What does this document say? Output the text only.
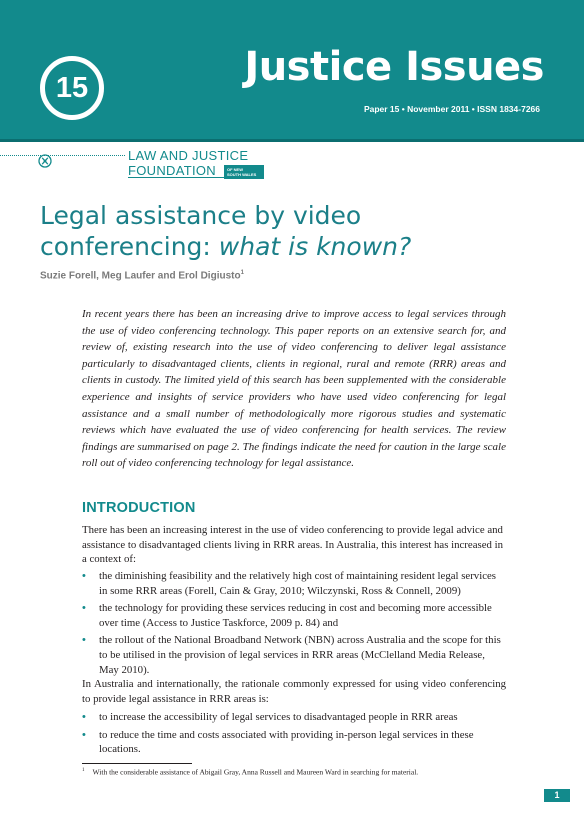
15	Justice Issues
Paper 15 • November 2011 • ISSN 1834-7266
LAW AND JUSTICE
FOUNDATION	OF NEW
SOUTH WALES
Legal assistance by video
conferencing: what is known?
Suzie Forell, Meg Laufer and Erol Digiusto$^1$

In recent years there has been an increasing drive to improve access to legal services through the use of video conferencing technology. This paper reports on an extensive search for, and review of, existing research into the use of video conferencing to deliver legal assistance particularly to disadvantaged clients, clients in regional, rural and remote (RRR) areas and clients in custody. The limited yield of this search has been supplemented with the considerable experience and insights of service providers who have used video conferencing for legal assistance and a small number of methodologically more rigorous studies and systematic reviews which have evaluated the use of video conferencing for health services. The review findings are summarised on page 2. The findings indicate the need for caution in the large scale roll out of video conferencing technology for legal assistance.

INTRODUCTION

There has been an increasing interest in the use of video conferencing to provide legal advice and assistance to disadvantaged clients living in RRR areas. In Australia, this interest has increased in a context of:

• the diminishing feasibility and the relatively high cost of maintaining resident legal services in some RRR areas (Forell, Cain & Gray, 2010; Wilczynski, Ross & Connell, 2009)
• the technology for providing these services reducing in cost and becoming more accessible over time (Access to Justice Taskforce, 2009 p. 84) and
• the rollout of the National Broadband Network (NBN) across Australia and the scope for this to be utilised in the provision of legal services in RRR areas (McClelland Media Release, May 2010).

In Australia and internationally, the rationale commonly expressed for using video conferencing to provide legal assistance in RRR areas is:

• to increase the accessibility of legal services to disadvantaged people in RRR areas
• to reduce the time and costs associated with providing in-person legal services in these locations.
$^1$ With the considerable assistance of Abigail Gray, Anna Russell and Maureen Ward in searching for material.
1
